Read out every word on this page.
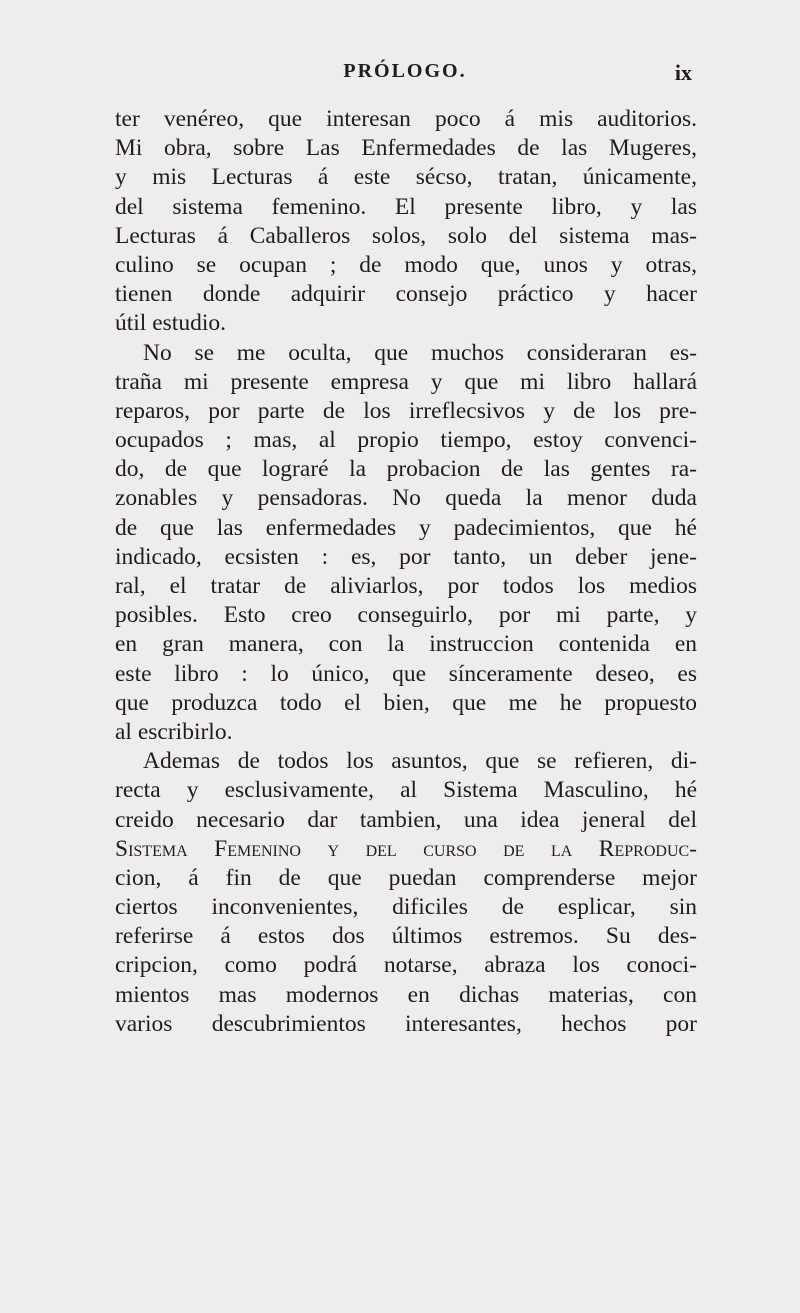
PRÓLOGO.	ix
ter venéreo, que interesan poco á mis auditorios.
Mi obra, sobre Las Enfermedades de las Mugeres,
y mis Lecturas á este sécso, tratan, únicamente,
del sistema femenino. El presente libro, y las
Lecturas á Caballeros solos, solo del sistema mas-
culino se ocupan ; de modo que, unos y otras,
tienen donde adquirir consejo práctico y hacer
útil estudio.
No se me oculta, que muchos consideraran es-
traña mi presente empresa y que mi libro hallará
reparos, por parte de los irreflecsivos y de los pre-
ocupados ; mas, al propio tiempo, estoy convenci-
do, de que lograré la probacion de las gentes ra-
zonables y pensadoras. No queda la menor duda
de que las enfermedades y padecimientos, que hé
indicado, ecsisten : es, por tanto, un deber jene-
ral, el tratar de aliviarlos, por todos los medios
posibles. Esto creo conseguirlo, por mi parte, y
en gran manera, con la instruccion contenida en
este libro : lo único, que sínceramente deseo, es
que produzca todo el bien, que me he propuesto
al escribirlo.
Ademas de todos los asuntos, que se refieren, di-
recta y esclusivamente, al Sistema Masculino, hé
creido necesario dar tambien, una idea jeneral del
Sistema Femenino y del curso de la Reproduc-
cion, á fin de que puedan comprenderse mejor
ciertos inconvenientes, dificiles de esplicar, sin
referirse á estos dos últimos estremos. Su des-
cripcion, como podrá notarse, abraza los conoci-
mientos mas modernos en dichas materias, con
varios descubrimientos interesantes, hechos por
